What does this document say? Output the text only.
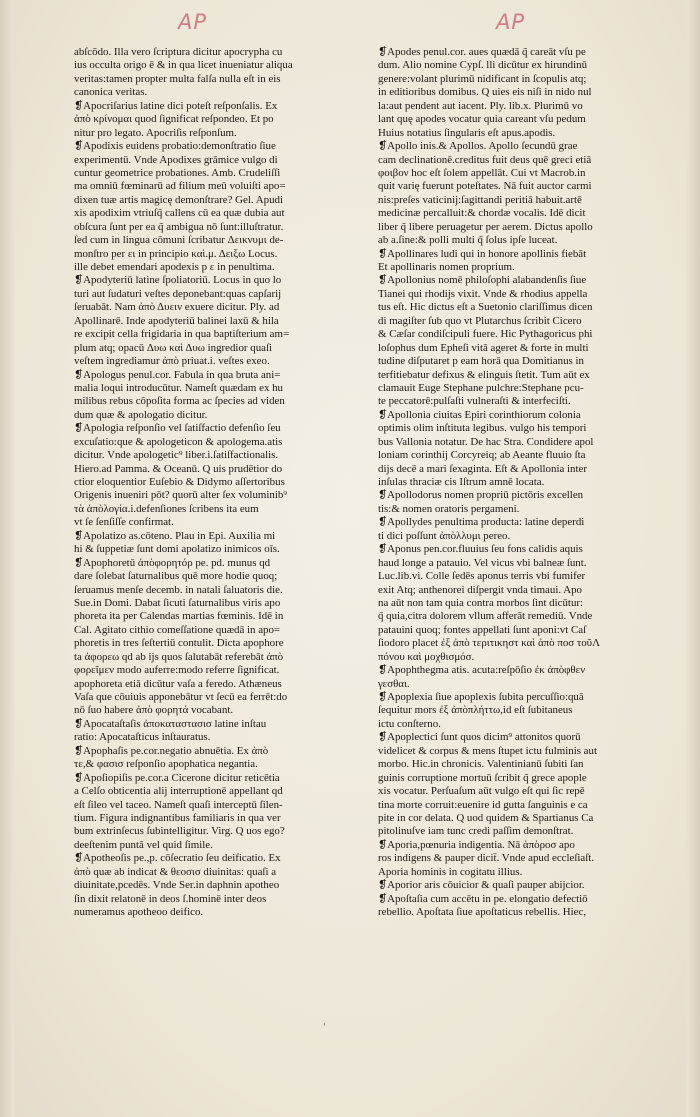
AP	AP
abſcōdo. Illa vero ſcriptura dicitur apocrypha cu
ius occulta origo ē & in qua licet inueniatur aliqua
veritas:tamen propter multa falſa nulla eſt in eis
canonica veritas.
❡Apocriſarius latine dici poteſt reſponſalis. Ex
ἀπὸ κρίνομαι quod ſignificat reſpondeo. Et po
nitur pro legato. Apocriſis reſponſum.
❡Apodixis euidens probatio:demonſtratio ſiue
experimentū. Vnde Apodixes grāmice vulgo di
cuntur geometrice probationes. Amb. Crudeliſſi
ma omniū fœminarū ad filium meū voluiſti apo=
dixen tuæ artis magicę demonſtrare? Gel. Apudi
xis apodixim vtriuſq̃ callens cū ea quæ dubia aut
obſcura ſunt per ea q̃ ambigua nō ſunt:illuſtratur.
ſed cum in lingua cōmuni ſcribatur Δεικνυμι de-
monſtro per ει in principio καὶ.μ. Δειξω Locus.
ille debet emendari apodexis p ε in penultima.
❡Apodyteriū latine ſpoliatoriū. Locus in quo lo
turi aut ſudaturi veſtes deponebant:quas capſarij
ſeruabāt. Nam ἀπὸ Δυειν exuere dicitur. Ply. ad
Apollinarē. Inde apodyteriū balinei laxū & hila
re excipit cella frigidaria in qua baptiſterium am=
plum atq; opacū Δυω καὶ Δυω ingredior quaſi
veſtem ingrediamur ἀπὸ priuat.i. veſtes exeo.
❡Apologus penul.cor. Fabula in qua bruta ani=
malia loqui introducūtur. Nameſt quædam ex hu
milibus rebus cōpoſita forma ac ſpecies ad viden
dum quæ & apologatio dicitur.
❡Apologia reſponſio vel ſatiſfactio defenſio ſeu
excuſatio:que & apologeticon & apologema.atis
dicitur. Vnde apologetic⁹ liber.i.ſatiſfactionalis.
Hiero.ad Pamma. & Oceanū. Q uis prudētior do
ctior eloquentior Euſebio & Didymo aſſertoribus
Origenis inueniri pōt? quorū alter ſex voluminib⁹
τὰ ἀπὸλογία.i.defenſiones ſcribens ita eum
vt ſe ſenſiſſe confirmat.
❡Apolatizo as.cōteno. Plau in Epi. Auxilia mi
hi & ſuppetiæ ſunt domi apolatizo inimicos oīs.
❡Apophoretū ἀπὸφορητόρ pe. pd. munus qd
dare ſolebat ſaturnalibus quē more hodie quoq;
ſeruamus menſe decemb. in natali ſaluatoris die.
Sue.in Domi. Dabat ſicuti ſaturnalibus viris apo
phoreta ita per Calendas martias fœminis. Idē in
Cal. Agitato cithio comeſſatione quædā in apo=
phoretis in tres ſeſtertiū contulit. Dicta apophore
ta ἀφορεω qd ab ijs quos ſalutabāt referebāt ἀπὸ
φορεῖμεν modo auferre:modo referre ſignificat.
apophoreta etiā dicūtur vaſa a feredo. Athæneus
Vaſa que cōuiuis apponebātur vt ſecū ea ferrēt:do
nō ſuo habere ἀπὸ φορητά vocabant.
❡Apocataſtaſis ἀποκαταστασισ latine inſtau
ratio: Apocataſticus inſtauratus.
❡Apophaſis pe.cor.negatio abnuētia. Ex ἀπὸ
τε,& φασισ reſponſio apophatica negantia.
❡Apoſiopiſis pe.cor.a Cicerone dicitur reticētia
a Celſo obticentia alij interruptionē appellant qd
eſt ſileo vel taceo. Nameſt quaſi interceptū ſilen-
tium. Figura indignantibus familiaris in qua ver
bum extrinſecus ſubintelligitur. Virg. Q uos ego?
deeſtenim puntā vel quid ſimile.
❡Apotheoſis pe.,p. cōſecratio ſeu deificatio. Ex
ἀπὸ quæ ab indicat & θεοσισ diuinitas: quaſi a
diuinitate,pcedēs. Vnde Ser.in daphnin apotheo
ſin dixit relatonē in deos ſ.hominē inter deos
numeramus apotheoo deifico.
❡Apodes penul.cor. aues quædā q̃ careāt vſu pe
dum. Alio nomine Cypſ. lli dicūtur ex hirundinū
genere:volant plurimū nidificant in ſcopulis atq;
in editioribus domibus. Q uies eis niſi in nido nul
la:aut pendent aut iacent. Ply. lib.x. Plurimū vo
lant quę apodes vocatur quia careant vſu pedum
Huius notatius ſingularis eſt apus.apodis.
❡Apollo inis.& Apollos. Apollo ſecundū grae
cam declinationē.creditus fuit deus quē greci etiā
φοιβον hoc eſt ſolem appellāt. Cui vt Macrob.in
quit varię fuerunt poteſtates. Nā fuit auctor carmi
nis:preſes vaticinij:ſagittandi peritiā habuit.artē
medicinæ percalluit:& chordæ vocalis. Idē dicit
liber q̃ libere peruagetur per aerem. Dictus apollo
ab a.ſine:& polli multi q̃ ſolus ipſe luceat.
❡Apollinares ludi qui in honore apollinis fiebāt
Et apollinaris nomen proprium.
❡Apollonius nomē philoſophi alabandenſis ſiue
Tianei qui rhodijs vixit. Vnde & rhodius appella
tus eſt. Hic dictus eſt a Suetonio clariſſimus dicen
di magiſter ſub quo vt Plutarchus ſcribit Cicero
& Cæſar condiſcipuli fuere. Hic Pythagoricus phi
loſophus dum Epheſi vitā ageret & forte in multi
tudine diſputaret p eam horā qua Domitianus in
terfitiebatur defixus & elinguis ſtetit. Tum aūt ex
clamauit Euge Stephane pulchre:Stephane pcu-
te peccatorē:pulſaſti vulneraſti & interfeciſti.
❡Apollonia ciuitas Epiri corinthiorum colonia
optimis olim inſtituta legibus. vulgo his tempori
bus Vallonia notatur. De hac Stra. Condidere apol
loniam corinthij Corcyreiq; ab Aeante fluuio ſta
dijs decē a mari ſexaginta. Eſt & Apollonia inter
inſulas thraciæ cis Iſtrum amnē locata.
❡Apollodorus nomen propriū pictōris excellen
tis:& nomen oratoris pergameni.
❡Apollydes penultima producta: latine deperdi
ti dici poſſunt ἀπὸλλυμι pereo.
❡Aponus pen.cor.fluuius ſeu fons calidis aquis
haud longe a patauio. Vel vicus vbi balneæ ſunt.
Luc.lib.vi. Colle ſedēs aponus terris vbi fumifer
exit Atq; anthenorei diſpergit vnda timaui. Apo
na aūt non tam quia contra morbos ſint dicūtur:
q̃ quia,citra dolorem vllum afferāt remediū. Vnde
patauini quoq; fontes appellati ſunt aponi:vt Caſ
ſiodoro placet ἐξ ἀπὸ τεριτικηστ καὶ ἀπὸ ποσ τοῦΛ
πόνου καὶ μοχθισμόσ.
❡Apophthegma atis. acuta:reſpōſio ἐκ ἀπὸφθεν
γεσθαι.
❡Apoplexia ſiue apoplexis ſubita percuſſio:quā
ſequitur mors ἐξ ἀπὸπλήττω,id eſt ſubitaneus
ictu conſterno.
❡Apoplectici ſunt quos dicim⁹ attonitos quorū
videlicet & corpus & mens ſtupet ictu fulminis aut
morbo. Hic.in chronicis. Valentinianū ſubiti ſan
guinis corruptione mortuū ſcribit q̃ grece apople
xis vocatur. Perſuaſum aūt vulgo eſt qui ſic repē
tina morte corruit:euenire id gutta ſanguinis e ca
pite in cor delata. Q uod quidem & Spartianus Ca
pitolinuſve iam tunc credi paſſim demonſtrat.
❡Aporia,pœnuria indigentia. Nā ἀπὸροσ apo
ros indigens & pauper dicit̄. Vnde apud eccleſiaſt.
Aporia hominis in cogitatu illius.
❡Aporior aris cōuicior & quaſi pauper abijcior.
❡Apoſtaſia cum accētu in pe. elongatio defectiō
rebellio. Apoſtata ſiue apoſtaticus rebellis. Hiec,
'
